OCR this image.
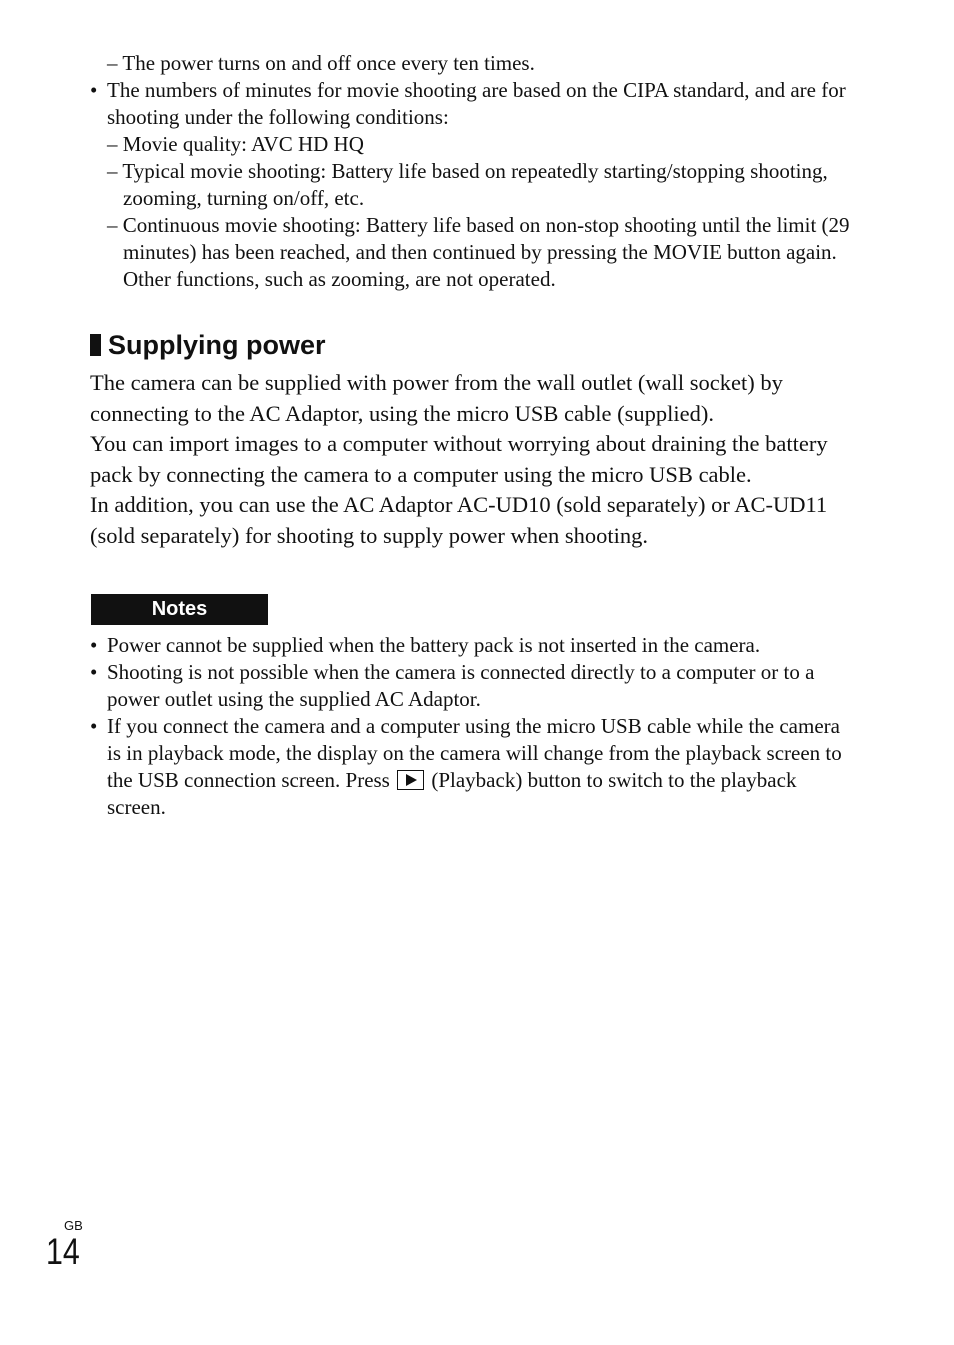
– The power turns on and off once every ten times.
• The numbers of minutes for movie shooting are based on the CIPA standard, and are for shooting under the following conditions:
– Movie quality: AVC HD HQ
– Typical movie shooting: Battery life based on repeatedly starting/stopping shooting, zooming, turning on/off, etc.
– Continuous movie shooting: Battery life based on non-stop shooting until the limit (29 minutes) has been reached, and then continued by pressing the MOVIE button again. Other functions, such as zooming, are not operated.
Supplying power
The camera can be supplied with power from the wall outlet (wall socket) by connecting to the AC Adaptor, using the micro USB cable (supplied).
You can import images to a computer without worrying about draining the battery pack by connecting the camera to a computer using the micro USB cable.
In addition, you can use the AC Adaptor AC-UD10 (sold separately) or AC-UD11 (sold separately) for shooting to supply power when shooting.
Notes
• Power cannot be supplied when the battery pack is not inserted in the camera.
• Shooting is not possible when the camera is connected directly to a computer or to a power outlet using the supplied AC Adaptor.
• If you connect the camera and a computer using the micro USB cable while the camera is in playback mode, the display on the camera will change from the playback screen to the USB connection screen. Press (Playback) button to switch to the playback screen.
GB
14
